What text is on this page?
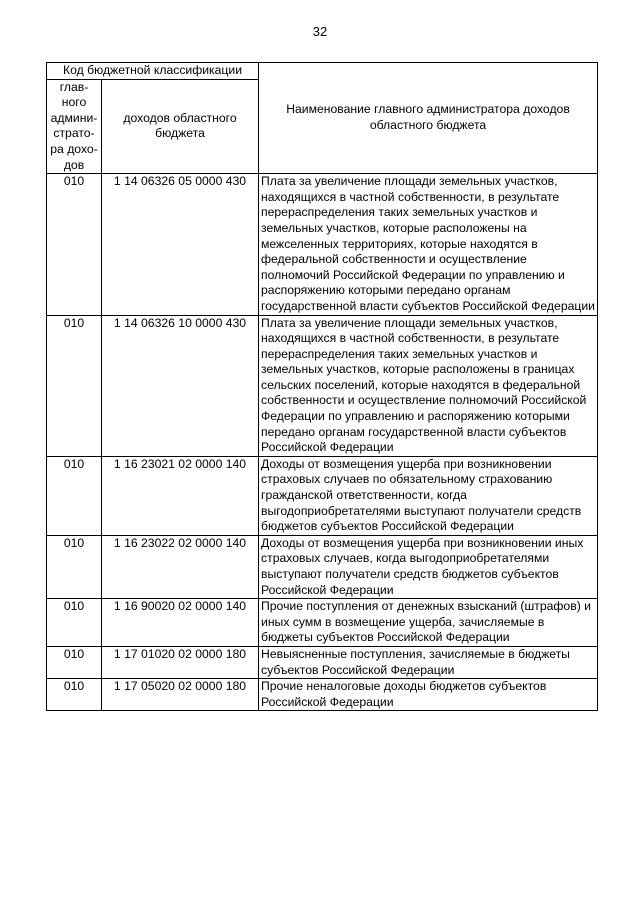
32
Код бюджетной классификации		Наименование главного администратора доходов областного бюджета
глав-ного админи-страто-ра дохо-дов	доходов областного бюджета	
010	1 14 06326 05 0000 430	Плата за увеличение площади земельных участков, находящихся в частной собственности, в результате перераспределения таких земельных участков и земельных участков, которые расположены на межселенных территориях, которые находятся в федеральной собственности и осуществление полномочий Российской Федерации по управлению и распоряжению которыми передано органам государственной власти субъектов Российской Федерации
010	1 14 06326 10 0000 430	Плата за увеличение площади земельных участков, находящихся в частной собственности, в результате перераспределения таких земельных участков и земельных участков, которые расположены в границах сельских поселений, которые находятся в федеральной собственности и осуществление полномочий Российской Федерации по управлению и распоряжению которыми передано органам государственной власти субъектов Российской Федерации
010	1 16 23021 02 0000 140	Доходы от возмещения ущерба при возникновении страховых случаев по обязательному страхованию гражданской ответственности, когда выгодоприобретателями выступают получатели средств бюджетов субъектов Российской Федерации
010	1 16 23022 02 0000 140	Доходы от возмещения ущерба при возникновении иных страховых случаев, когда выгодоприобретателями выступают получатели средств бюджетов субъектов Российской Федерации
010	1 16 90020 02 0000 140	Прочие поступления от денежных взысканий (штрафов) и иных сумм в возмещение ущерба, зачисляемые в бюджеты субъектов Российской Федерации
010	1 17 01020 02 0000 180	Невыясненные поступления, зачисляемые в бюджеты субъектов Российской Федерации
010	1 17 05020 02 0000 180	Прочие неналоговые доходы бюджетов субъектов Российской Федерации
